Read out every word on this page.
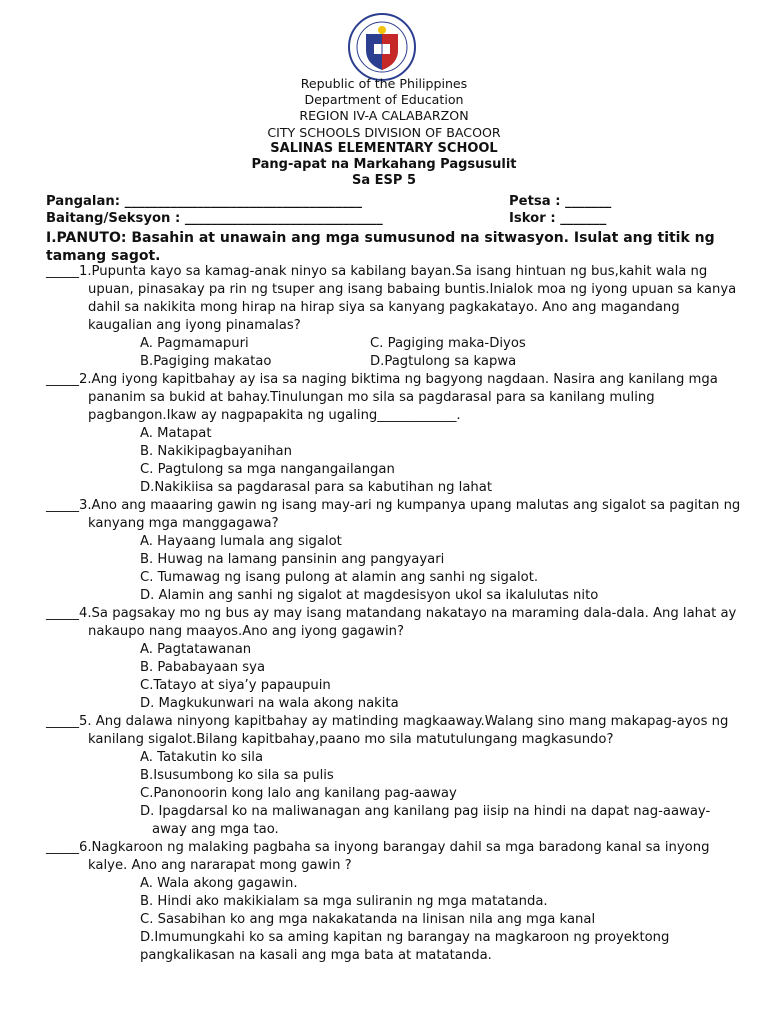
Republic of the Philippines
Department of Education
REGION IV-A CALABARZON
CITY SCHOOLS DIVISION OF BACOOR
SALINAS ELEMENTARY SCHOOL
Pang-apat na Markahang Pagsusulit
Sa ESP 5
Pangalan: ____________________________________	Petsa : _______
Baitang/Seksyon : ______________________________	Iskor : _______
I.PANUTO: Basahin at unawain ang mga sumusunod na sitwasyon. Isulat ang titik ng tamang sagot.
_____1.Pupunta kayo sa kamag-anak ninyo sa kabilang bayan.Sa isang hintuan ng bus,kahit wala ng upuan, pinasakay pa rin ng tsuper ang isang babaing buntis.Inialok moa ng iyong upuan sa kanya dahil sa nakikita mong hirap na hirap siya sa kanyang pagkakatayo. Ano ang magandang kaugalian ang iyong pinamalas?
A. Pagmamapuri	C. Pagiging maka-Diyos
B.Pagiging makatao	D.Pagtulong sa kapwa
_____2.Ang iyong kapitbahay ay isa sa naging biktima ng bagyong nagdaan. Nasira ang kanilang mga pananim sa bukid at bahay.Tinulungan mo sila sa pagdarasal para sa kanilang muling pagbangon.Ikaw ay nagpapakita ng ugaling____________.
A. Matapat
B. Nakikipagbayanihan
C. Pagtulong sa mga nangangailangan
D.Nakikiisa sa pagdarasal para sa kabutihan ng lahat
_____3.Ano ang maaaring gawin ng isang may-ari ng kumpanya upang malutas ang sigalot sa pagitan ng kanyang mga manggagawa?
A. Hayaang lumala ang sigalot
B. Huwag na lamang pansinin ang pangyayari
C. Tumawag ng isang pulong at alamin ang sanhi ng sigalot.
D. Alamin ang sanhi ng sigalot at magdesisyon ukol sa ikalulutas nito
_____4.Sa pagsakay mo ng bus ay may isang matandang nakatayo na maraming dala-dala. Ang lahat ay nakaupo nang maayos.Ano ang iyong gagawin?
A. Pagtatawanan
B. Pababayaan sya
C.Tatayo at siya’y papaupuin
D. Magkukunwari na wala akong nakita
_____5. Ang dalawa ninyong kapitbahay ay matinding magkaaway.Walang sino mang makapag-ayos ng kanilang sigalot.Bilang kapitbahay,paano mo sila matutulungang magkasundo?
A. Tatakutin ko sila
B.Isusumbong ko sila sa pulis
C.Panonoorin kong lalo ang kanilang pag-aaway
D. Ipagdarsal ko na maliwanagan ang kanilang pag iisip na hindi na dapat nag-aaway-away ang mga tao.
_____6.Nagkaroon ng malaking pagbaha sa inyong barangay dahil sa mga baradong kanal sa inyong kalye. Ano ang nararapat mong gawin ?
A. Wala akong gagawin.
B. Hindi ako makikialam sa mga suliranin ng mga matatanda.
C. Sasabihan ko ang mga nakakatanda na linisan nila ang mga kanal
D.Imumungkahi ko sa aming kapitan ng barangay na magkaroon ng proyektong pangkalikasan na kasali ang mga bata at matatanda.
